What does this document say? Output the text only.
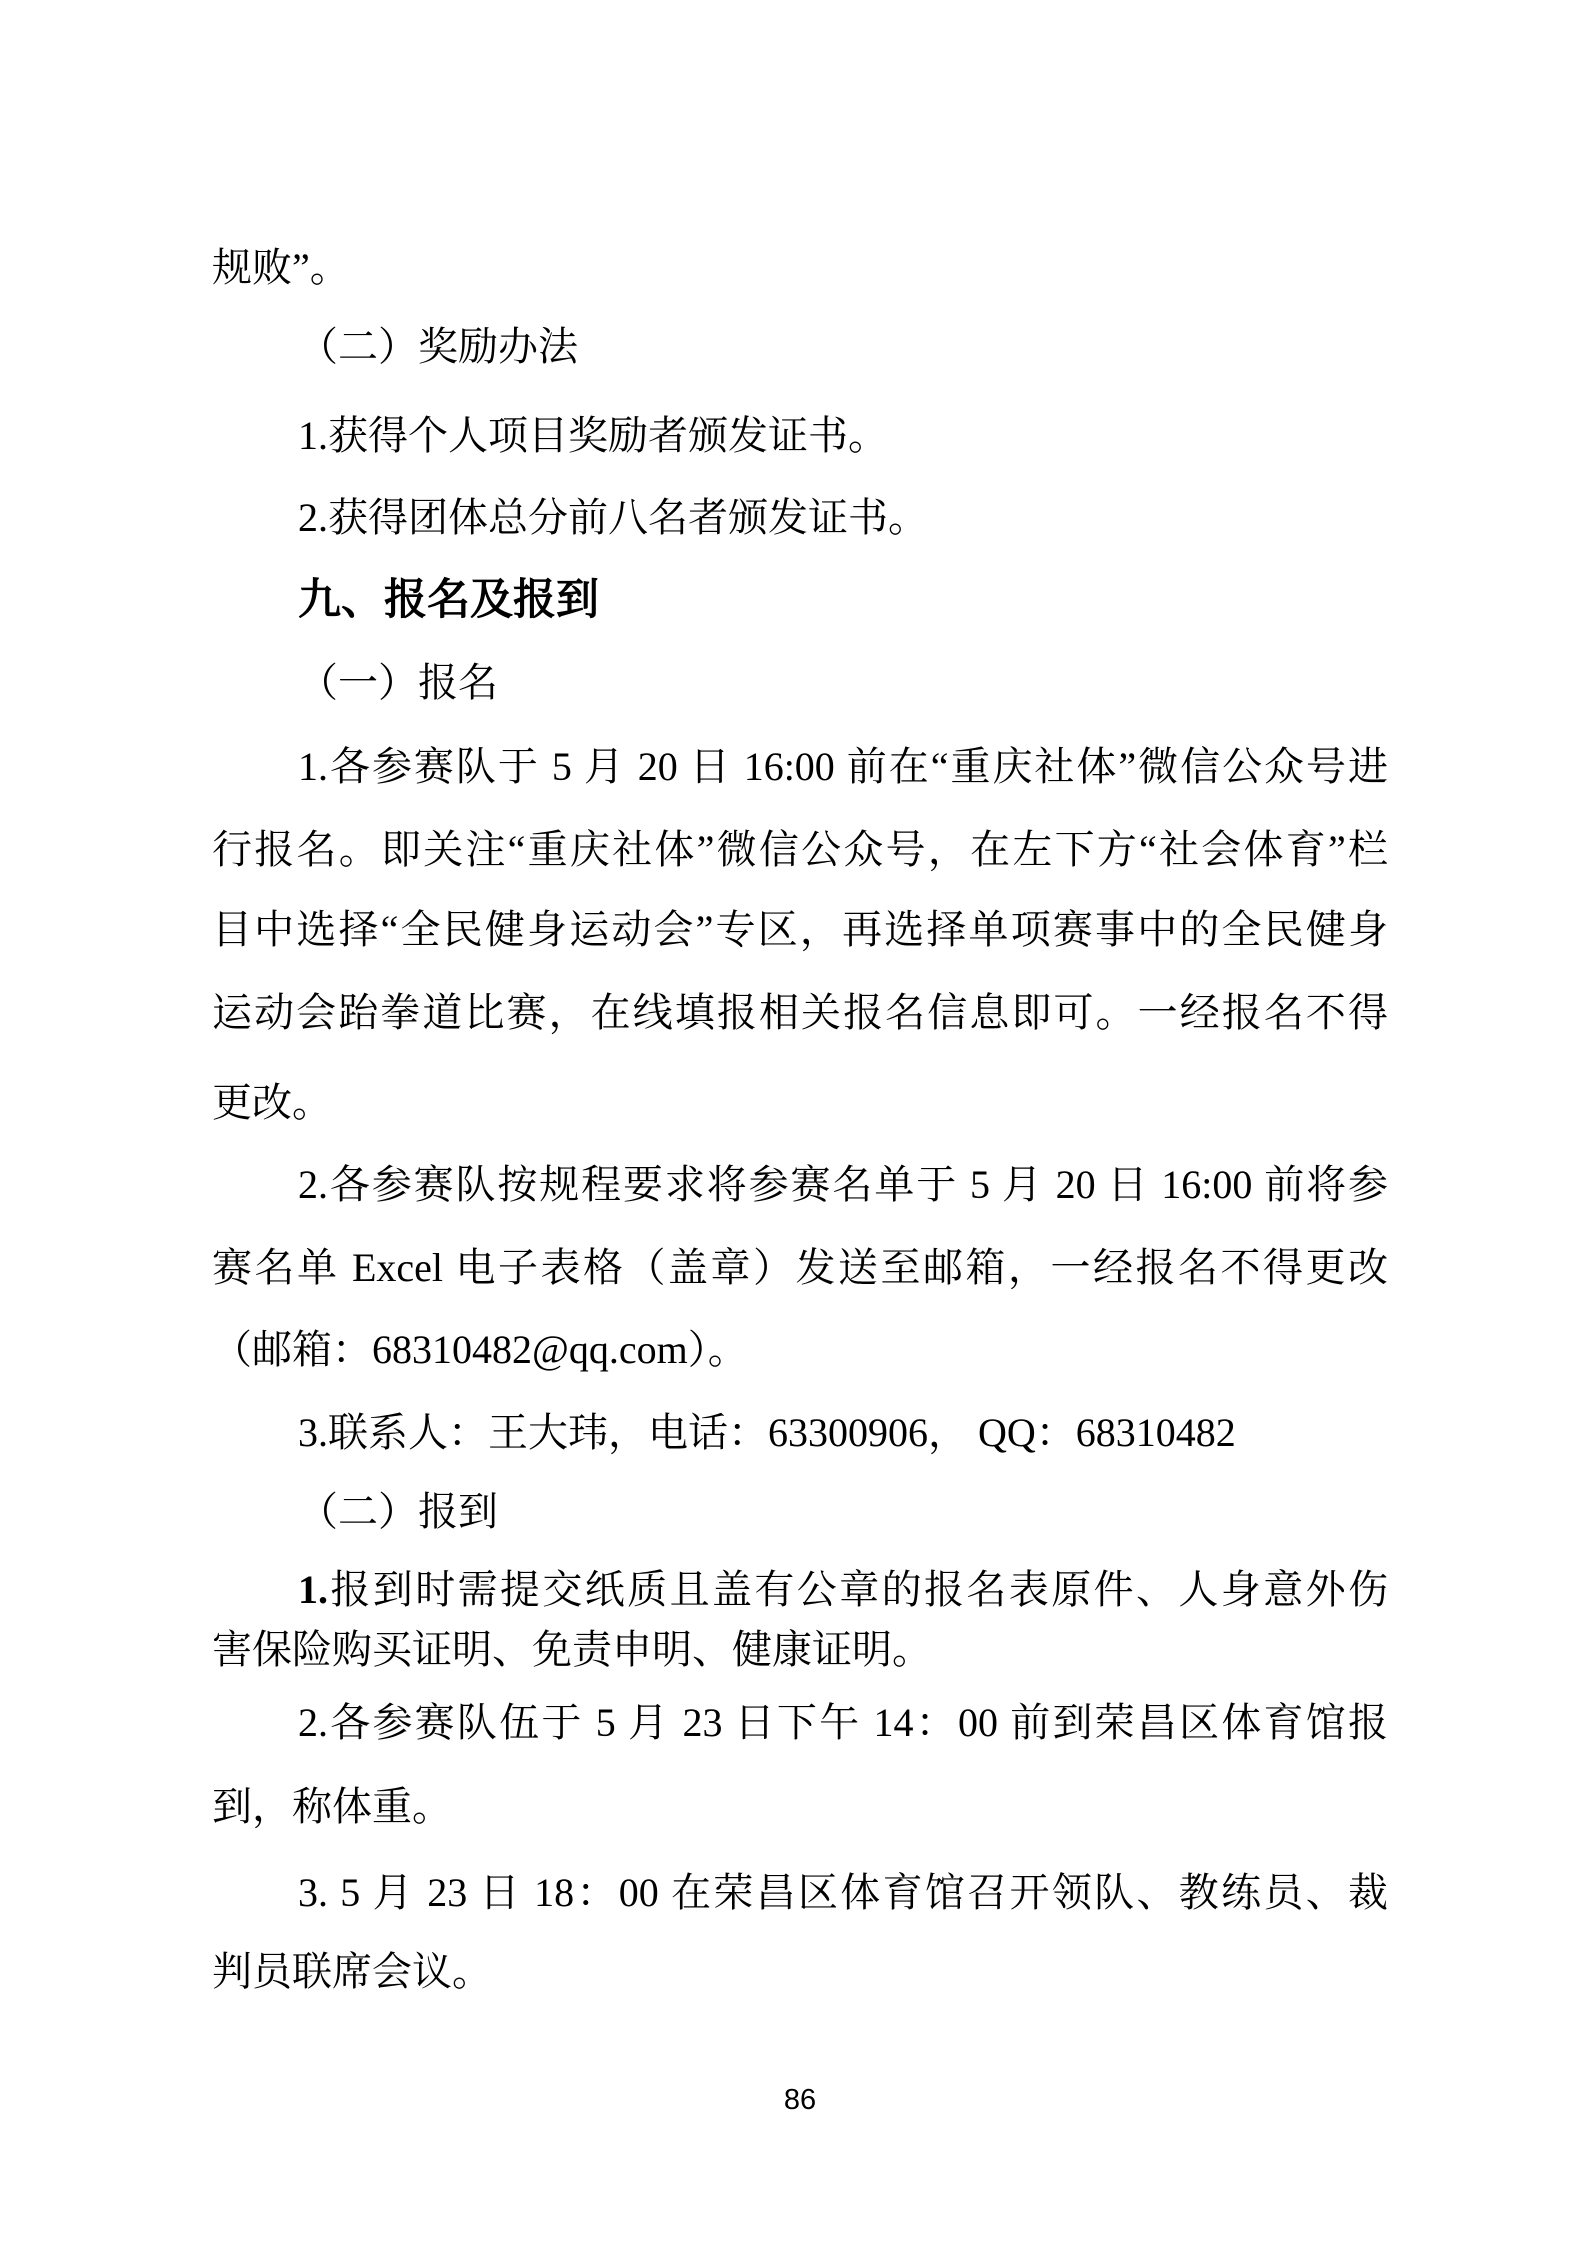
规败”。
（二）奖励办法
1.获得个人项目奖励者颁发证书。
2.获得团体总分前八名者颁发证书。
九、报名及报到
（一）报名
1.各参赛队于 5 月 20 日 16:00 前在“重庆社体”微信公众号进
行报名。即关注“重庆社体”微信公众号，在左下方“社会体育”栏
目中选择“全民健身运动会”专区，再选择单项赛事中的全民健身
运动会跆拳道比赛，在线填报相关报名信息即可。一经报名不得
更改。
2.各参赛队按规程要求将参赛名单于 5 月 20 日 16:00 前将参
赛名单 Excel 电子表格（盖章）发送至邮箱，一经报名不得更改
（邮箱：68310482@qq.com）。
3.联系人：王大玮，电话：63300906， QQ：68310482
（二）报到
1.报到时需提交纸质且盖有公章的报名表原件、人身意外伤
害保险购买证明、免责申明、健康证明。
2.各参赛队伍于 5 月 23 日下午 14：00 前到荣昌区体育馆报
到，称体重。
3. 5 月 23 日 18：00 在荣昌区体育馆召开领队、教练员、裁
判员联席会议。
86
